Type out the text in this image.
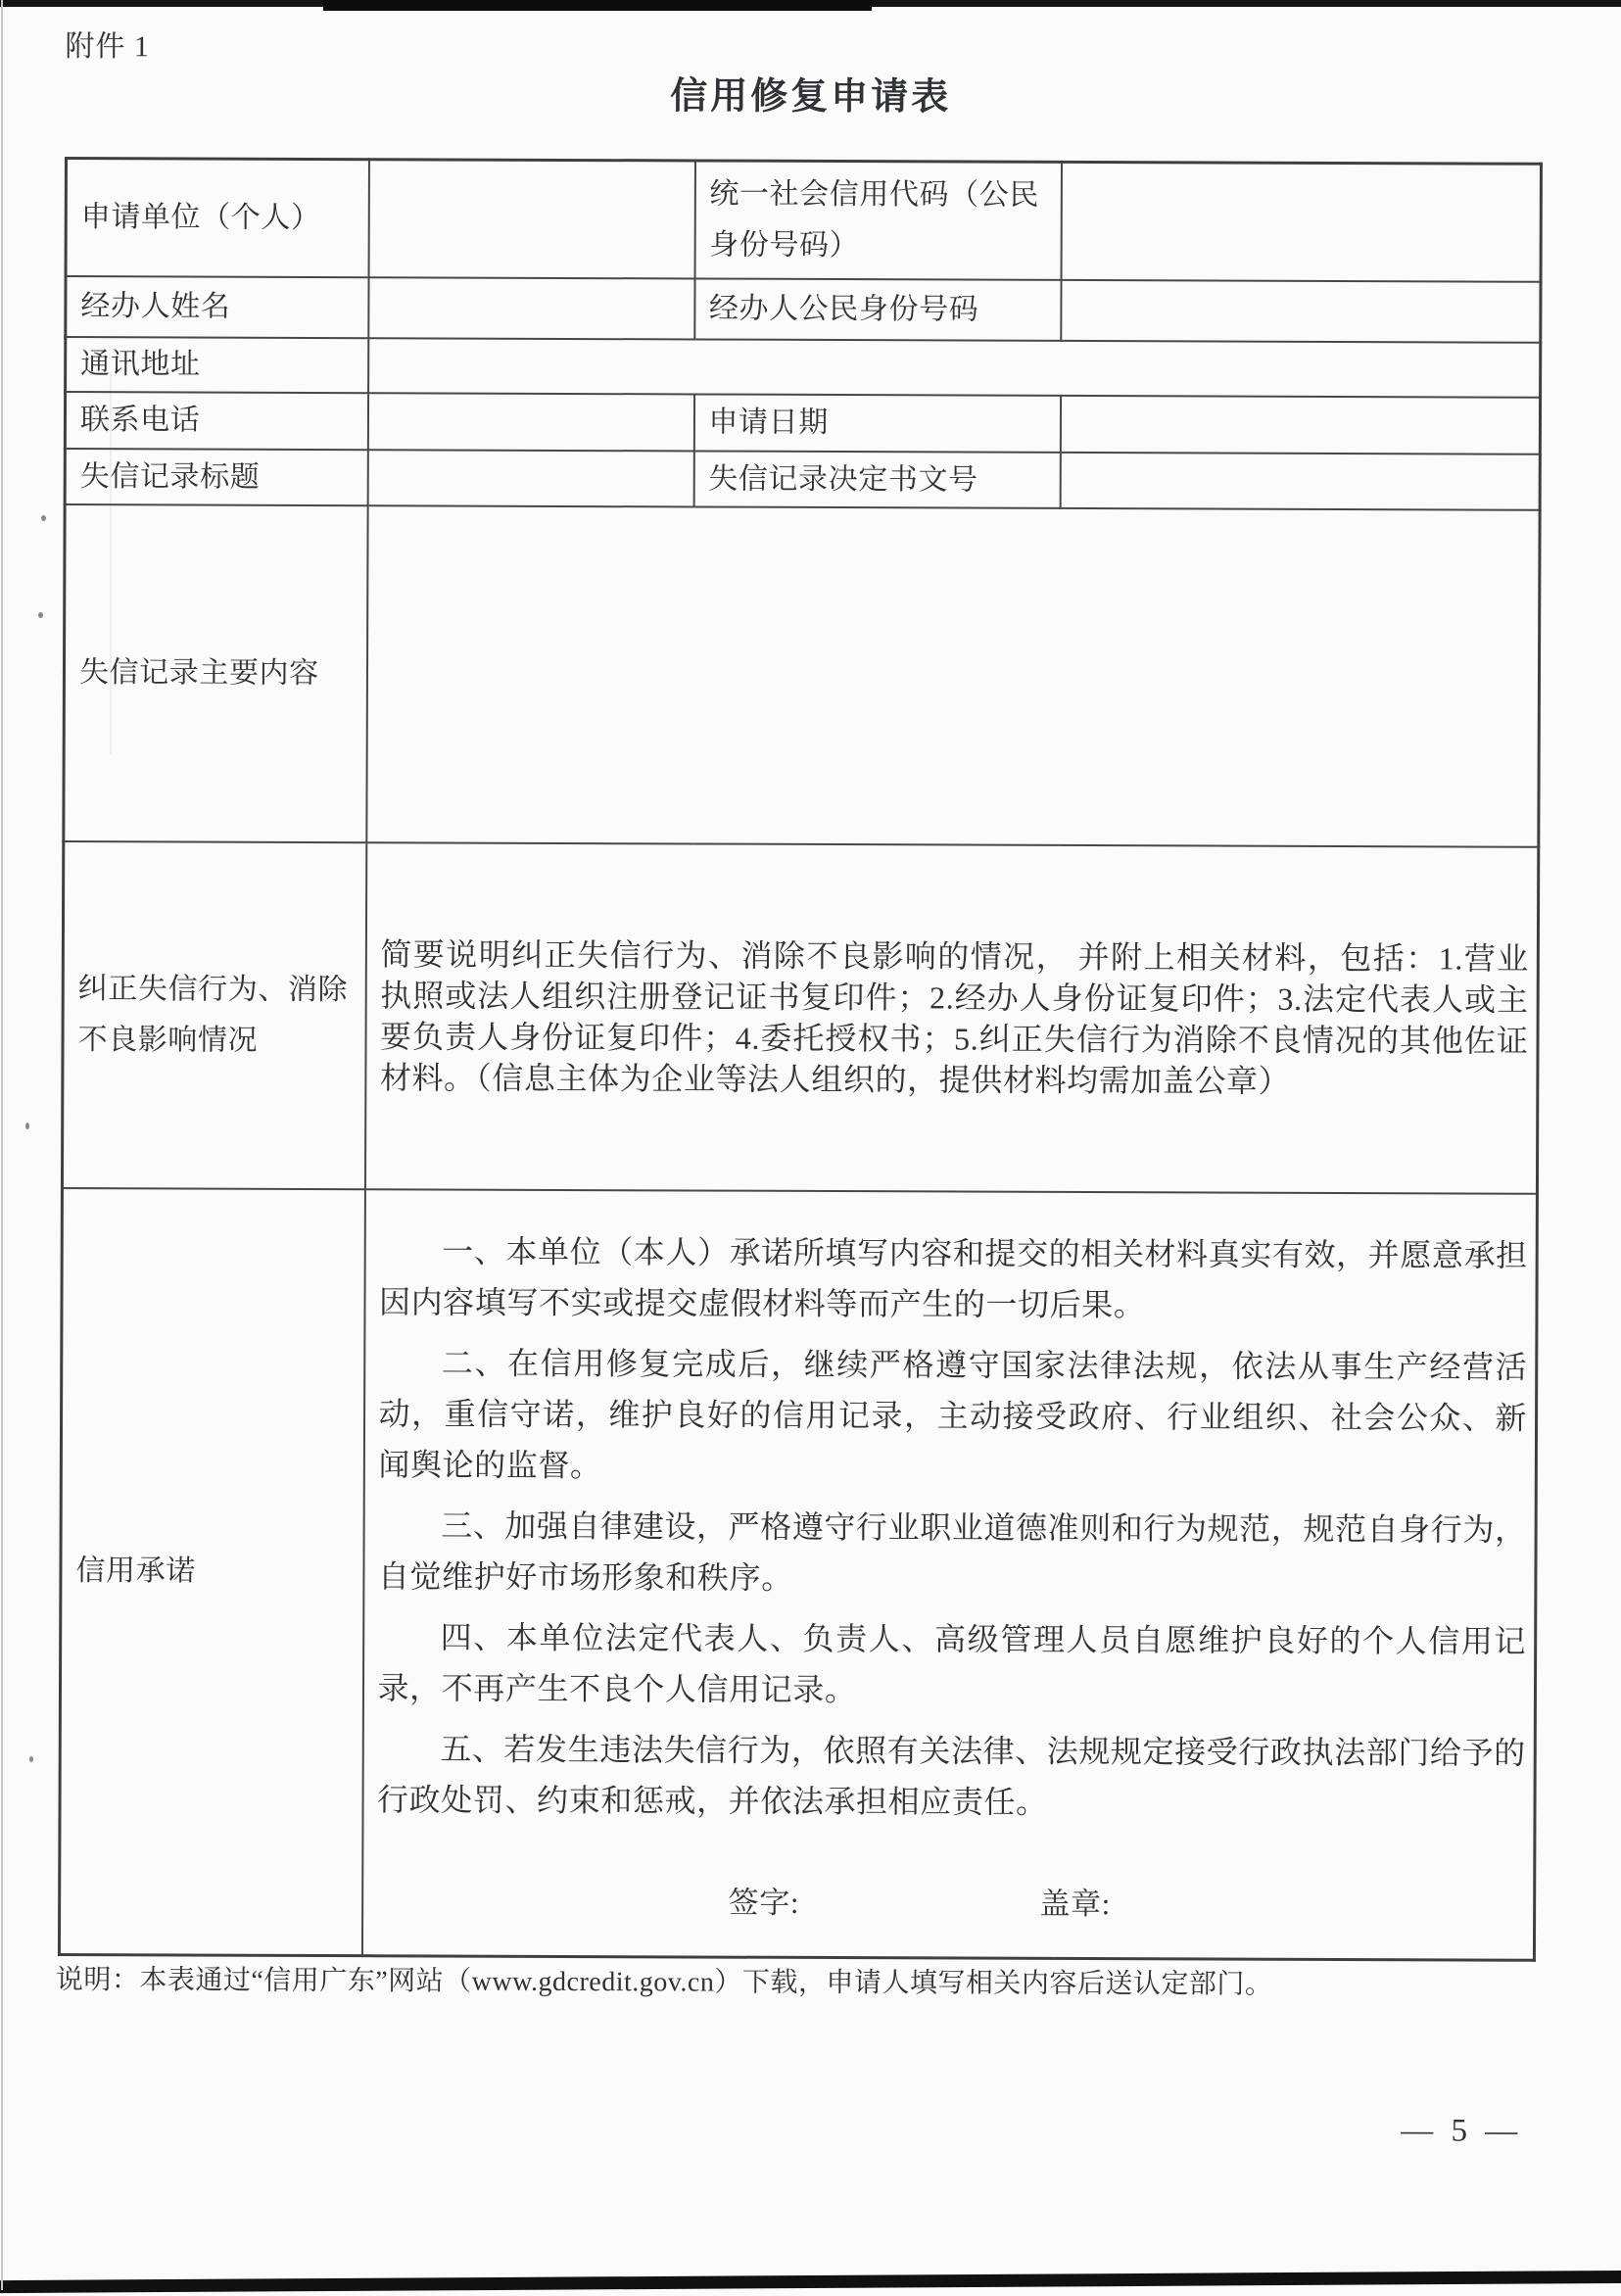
附件 1
信用修复申请表
申请单位（个人）		统一社会信用代码（公民身份号码）	
经办人姓名		经办人公民身份号码	
通讯地址			
联系电话		申请日期	
失信记录标题		失信记录决定书文号	
失信记录主要内容			
纠正失信行为、消除不良影响情况	简要说明纠正失信行为、消除不良影响的情况， 并附上相关材料，包括：1.营业执照或法人组织注册登记证书复印件；2.经办人身份证复印件；3.法定代表人或主要负责人身份证复印件；4.委托授权书；5.纠正失信行为消除不良情况的其他佐证材料。（信息主体为企业等法人组织的，提供材料均需加盖公章）		

信用承诺	

一、本单位（本人）承诺所填写内容和提交的相关材料真实有效，并愿意承担因内容填写不实或提交虚假材料等而产生的一切后果。

二、在信用修复完成后，继续严格遵守国家法律法规，依法从事生产经营活动，重信守诺，维护良好的信用记录，主动接受政府、行业组织、社会公众、新闻舆论的监督。

三、加强自律建设，严格遵守行业职业道德准则和行为规范，规范自身行为，自觉维护好市场形象和秩序。

四、本单位法定代表人、负责人、高级管理人员自愿维护良好的个人信用记录，不再产生不良个人信用记录。

五、若发生违法失信行为，依照有关法律、法规规定接受行政执法部门给予的行政处罚、约束和惩戒，并依法承担相应责任。

签字:	盖章:
说明：本表通过“信用广东”网站（www.gdcredit.gov.cn）下载，申请人填写相关内容后送认定部门。
— 5 —
